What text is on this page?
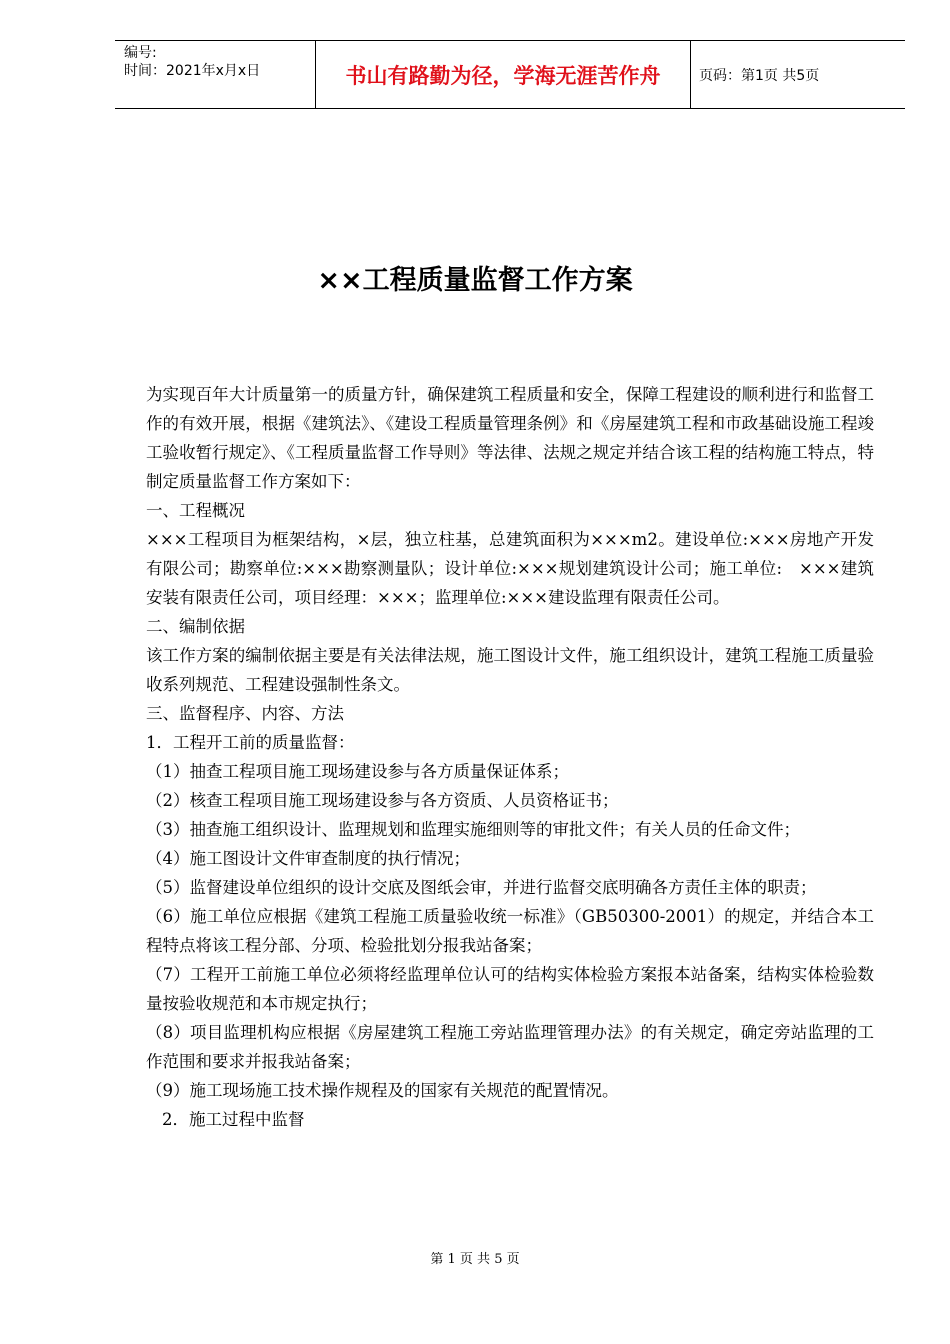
编号:
时间：2021年x月x日	书山有路勤为径，学海无涯苦作舟	页码：第1页 共5页
××工程质量监督工作方案

为实现百年大计质量第一的质量方针，确保建筑工程质量和安全，保障工程建设的顺利进行和监督工作的有效开展，根据《建筑法》、《建设工程质量管理条例》和《房屋建筑工程和市政基础设施工程竣工验收暂行规定》、《工程质量监督工作导则》等法律、法规之规定并结合该工程的结构施工特点，特制定质量监督工作方案如下：

一、工程概况

×××工程项目为框架结构，×层，独立柱基，总建筑面积为×××m2。建设单位:×××房地产开发有限公司；勘察单位:×××勘察测量队；设计单位:×××规划建筑设计公司；施工单位:　×××建筑安装有限责任公司，项目经理：×××；监理单位:×××建设监理有限责任公司。

二、编制依据

该工作方案的编制依据主要是有关法律法规，施工图设计文件，施工组织设计，建筑工程施工质量验收系列规范、工程建设强制性条文。

三、监督程序、内容、方法

1．工程开工前的质量监督：

（1）抽查工程项目施工现场建设参与各方质量保证体系；

（2）核查工程项目施工现场建设参与各方资质、人员资格证书；

（3）抽查施工组织设计、监理规划和监理实施细则等的审批文件；有关人员的任命文件；

（4）施工图设计文件审查制度的执行情况；

（5）监督建设单位组织的设计交底及图纸会审，并进行监督交底明确各方责任主体的职责；

（6）施工单位应根据《建筑工程施工质量验收统一标准》（GB50300-2001）的规定，并结合本工程特点将该工程分部、分项、检验批划分报我站备案；

（7）工程开工前施工单位必须将经监理单位认可的结构实体检验方案报本站备案，结构实体检验数量按验收规范和本市规定执行；

（8）项目监理机构应根据《房屋建筑工程施工旁站监理管理办法》的有关规定，确定旁站监理的工作范围和要求并报我站备案；

（9）施工现场施工技术操作规程及的国家有关规范的配置情况。

2．施工过程中监督

第 1 页 共 5 页
